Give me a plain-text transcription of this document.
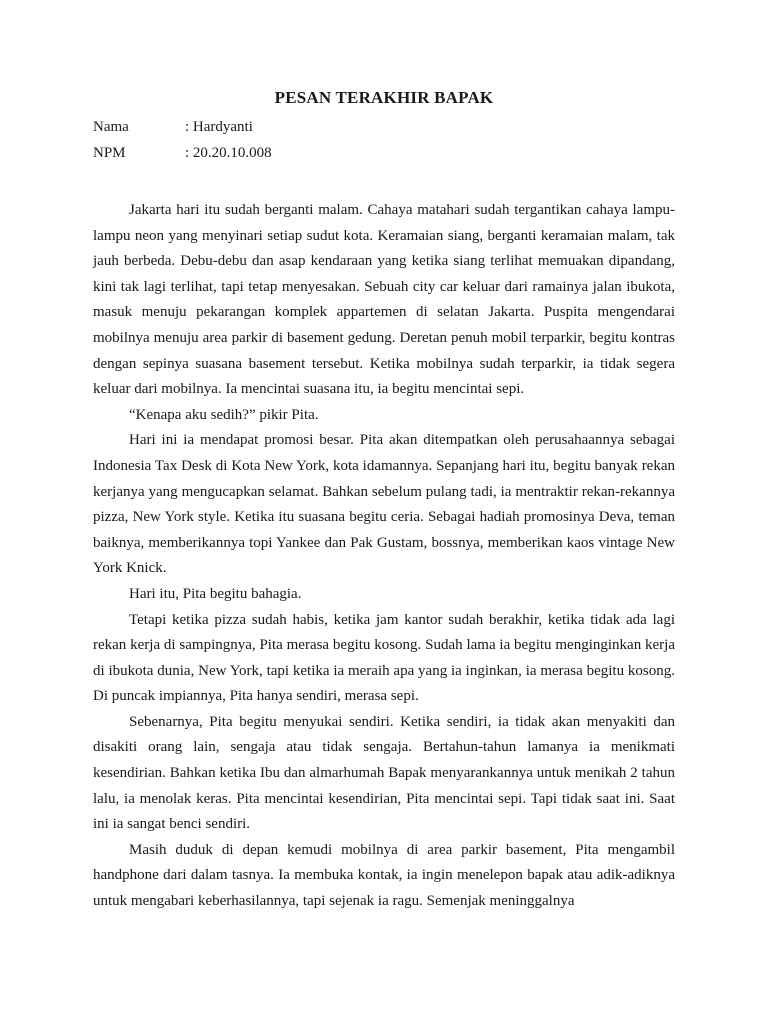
PESAN TERAKHIR BAPAK
Nama	: Hardyanti
NPM	: 20.20.10.008

Jakarta hari itu sudah berganti malam. Cahaya matahari sudah tergantikan cahaya lampu-lampu neon yang menyinari setiap sudut kota. Keramaian siang, berganti keramaian malam, tak jauh berbeda. Debu-debu dan asap kendaraan yang ketika siang terlihat memuakan dipandang, kini tak lagi terlihat, tapi tetap menyesakan. Sebuah city car keluar dari ramainya jalan ibukota, masuk menuju pekarangan komplek appartemen di selatan Jakarta. Puspita mengendarai mobilnya menuju area parkir di basement gedung. Deretan penuh mobil terparkir, begitu kontras dengan sepinya suasana basement tersebut. Ketika mobilnya sudah terparkir, ia tidak segera keluar dari mobilnya. Ia mencintai suasana itu, ia begitu mencintai sepi.

“Kenapa aku sedih?” pikir Pita.

Hari ini ia mendapat promosi besar. Pita akan ditempatkan oleh perusahaannya sebagai Indonesia Tax Desk di Kota New York, kota idamannya. Sepanjang hari itu, begitu banyak rekan kerjanya yang mengucapkan selamat. Bahkan sebelum pulang tadi, ia mentraktir rekan-rekannya pizza, New York style. Ketika itu suasana begitu ceria. Sebagai hadiah promosinya Deva, teman baiknya, memberikannya topi Yankee dan Pak Gustam, bossnya, memberikan kaos vintage New York Knick.

Hari itu, Pita begitu bahagia.

Tetapi ketika pizza sudah habis, ketika jam kantor sudah berakhir, ketika tidak ada lagi rekan kerja di sampingnya, Pita merasa begitu kosong. Sudah lama ia begitu menginginkan kerja di ibukota dunia, New York, tapi ketika ia meraih apa yang ia inginkan, ia merasa begitu kosong. Di puncak impiannya, Pita hanya sendiri, merasa sepi.

Sebenarnya, Pita begitu menyukai sendiri. Ketika sendiri, ia tidak akan menyakiti dan disakiti orang lain, sengaja atau tidak sengaja. Bertahun-tahun lamanya ia menikmati kesendirian. Bahkan ketika Ibu dan almarhumah Bapak menyarankannya untuk menikah 2 tahun lalu, ia menolak keras. Pita mencintai kesendirian, Pita mencintai sepi. Tapi tidak saat ini. Saat ini ia sangat benci sendiri.

Masih duduk di depan kemudi mobilnya di area parkir basement, Pita mengambil handphone dari dalam tasnya. Ia membuka kontak, ia ingin menelepon bapak atau adik-adiknya untuk mengabari keberhasilannya, tapi sejenak ia ragu. Semenjak meninggalnya
